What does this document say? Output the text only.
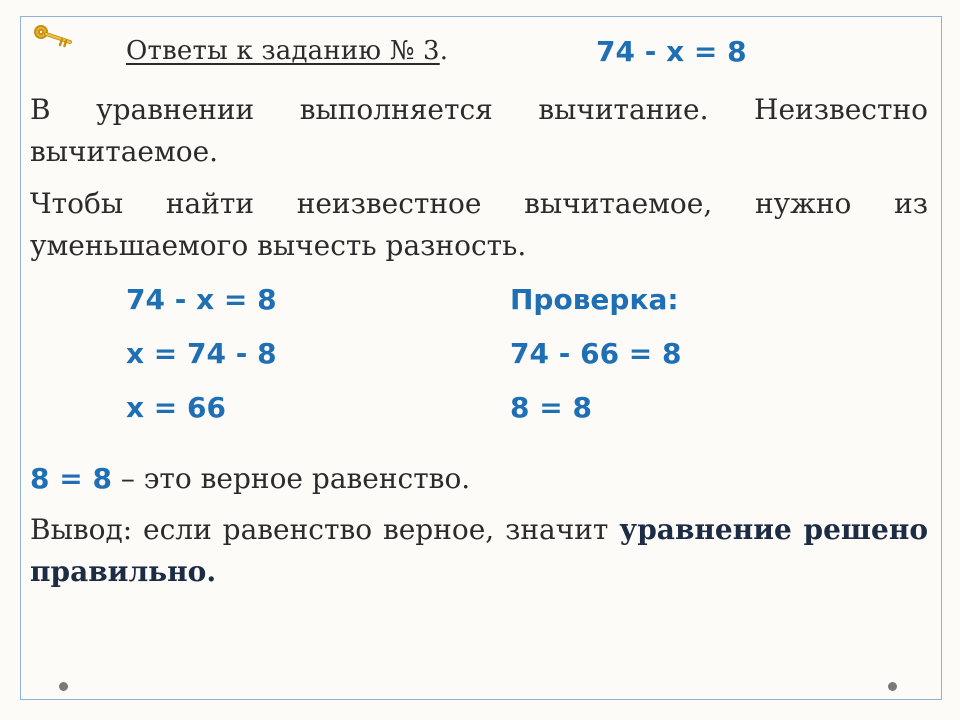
Ответы к заданию № 3.	74 - х = 8
В уравнении выполняется вычитание. Неизвестно вычитаемое.
Чтобы найти неизвестное вычитаемое, нужно из уменьшаемого вычесть разность.
74 - х = 8
х = 74 - 8
х = 66
Проверка:
74 - 66 = 8
8 = 8
8 = 8 – это верное равенство.
Вывод: если равенство верное, значит уравнение решено правильно.
